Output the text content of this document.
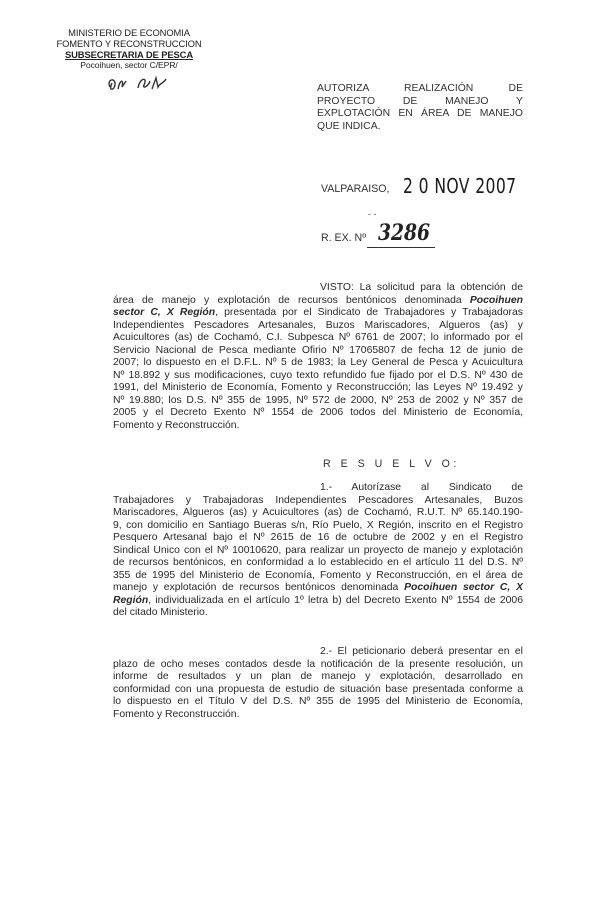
MINISTERIO DE ECONOMIA
FOMENTO Y RECONSTRUCCION
SUBSECRETARIA DE PESCA
Pocoihuen, sector C/EPR/
AUTORIZA REALIZACIÓN DE
PROYECTO DE MANEJO Y
EXPLOTACIÓN EN ÁREA DE MANEJO
QUE INDICA.
VALPARAISO, 2 0 NOV 2007
- -
R. EX. Nº 3286
VISTO: La solicitud para la obtención de
área de manejo y explotación de recursos bentónicos denominada Pocoihuen
sector C, X Región, presentada por el Sindicato de Trabajadores y Trabajadoras
Independientes Pescadores Artesanales, Buzos Mariscadores, Algueros (as) y
Acuicultores (as) de Cochamó, C.I. Subpesca Nº 6761 de 2007; lo informado por el
Servicio Nacional de Pesca mediante Ofirio Nº 17065807 de fecha 12 de junio de
2007; lo dispuesto en el D.F.L. Nº 5 de 1983; la Ley General de Pesca y Acuicultura
Nº 18.892 y sus modificaciones, cuyo texto refundido fue fijado por el D.S. Nº 430 de
1991, del Ministerio de Economía, Fomento y Reconstrucción; las Leyes Nº 19.492 y
Nº 19.880; los D.S. Nº 355 de 1995, Nº 572 de 2000, Nº 253 de 2002 y Nº 357 de
2005 y el Decreto Exento Nº 1554 de 2006 todos del Ministerio de Economía,
Fomento y Reconstrucción.
R E S U E L V O:
1.- Autorízase al Sindicato de
Trabajadores y Trabajadoras Independientes Pescadores Artesanales, Buzos
Mariscadores, Algueros (as) y Acuicultores (as) de Cochamó, R.U.T. Nº 65.140.190-
9, con domicilio en Santiago Bueras s/n, Río Puelo, X Región, inscrito en el Registro
Pesquero Artesanal bajo el Nº 2615 de 16 de octubre de 2002 y en el Registro
Sindical Único con el Nº 10010620, para realizar un proyecto de manejo y explotación
de recursos bentónicos, en conformidad a lo establecido en el artículo 11 del D.S. Nº
355 de 1995 del Ministerio de Economía, Fomento y Reconstrucción, en el área de
manejo y explotación de recursos bentónicos denominada Pocoihuen sector C, X
Región, individualizada en el artículo 1º letra b) del Decreto Exento Nº 1554 de 2006
del citado Ministerio.
2.- El peticionario deberá presentar en el
plazo de ocho meses contados desde la notificación de la presente resolución, un
informe de resultados y un plan de manejo y explotación, desarrollado en
conformidad con una propuesta de estudio de situación base presentada conforme a
lo dispuesto en el Título V del D.S. Nº 355 de 1995 del Ministerio de Economía,
Fomento y Reconstrucción.
